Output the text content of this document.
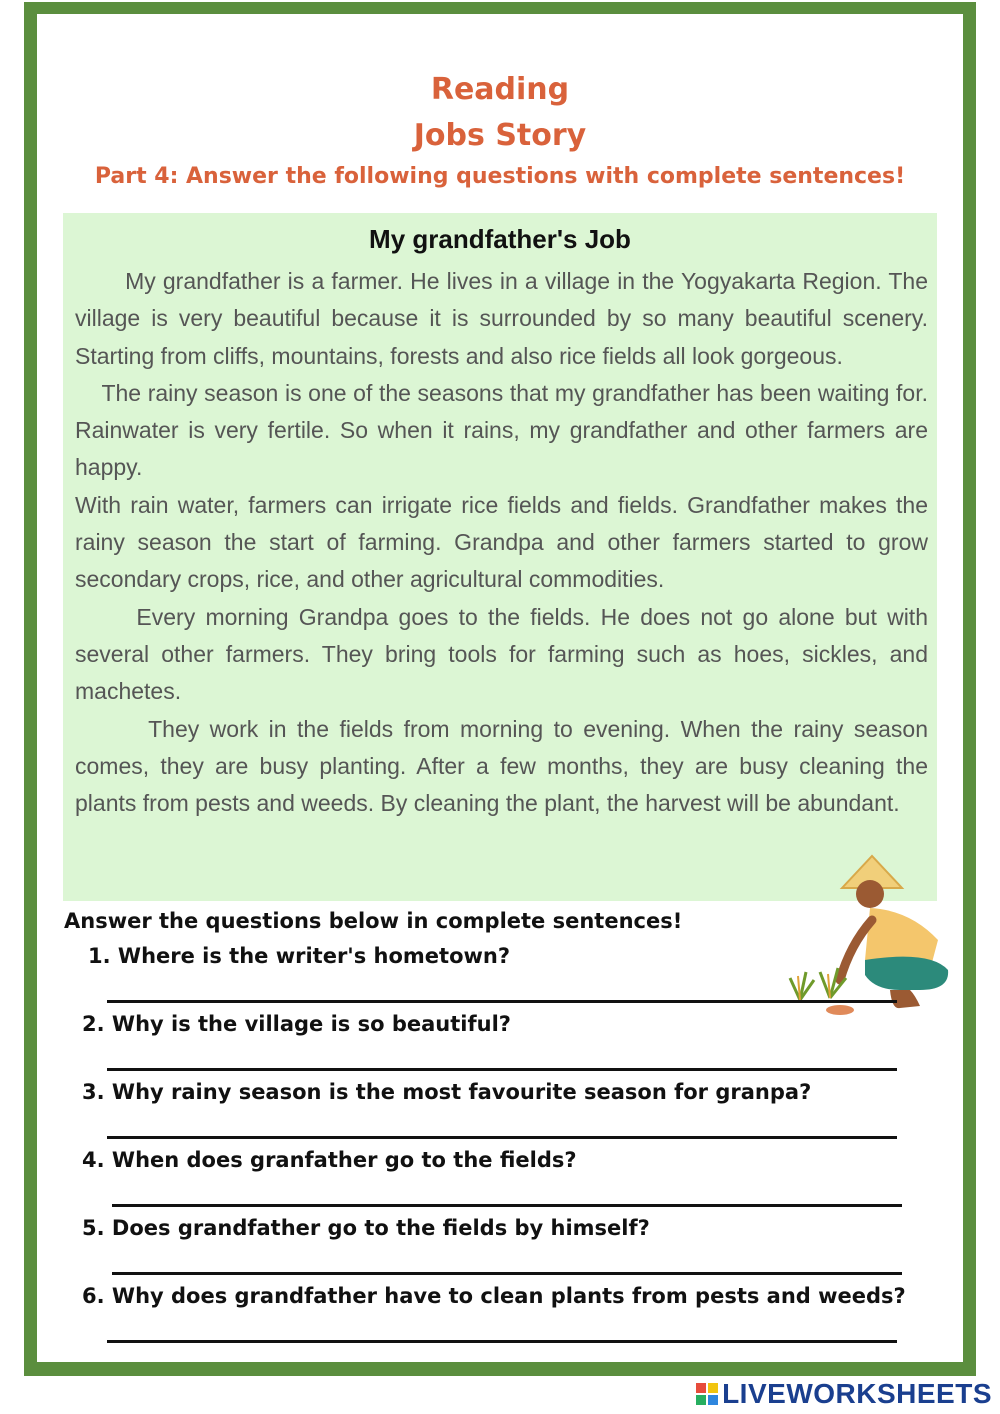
Reading
Jobs Story
Part 4: Answer the following questions with complete sentences!
My grandfather's Job

My grandfather is a farmer. He lives in a village in the Yogyakarta Region. The village is very beautiful because it is surrounded by so many beautiful scenery. Starting from cliffs, mountains, forests and also rice fields all look gorgeous.

The rainy season is one of the seasons that my grandfather has been waiting for. Rainwater is very fertile. So when it rains, my grandfather and other farmers are happy.

With rain water, farmers can irrigate rice fields and fields. Grandfather makes the rainy season the start of farming. Grandpa and other farmers started to grow secondary crops, rice, and other agricultural commodities.

Every morning Grandpa goes to the fields. He does not go alone but with several other farmers. They bring tools for farming such as hoes, sickles, and machetes.

They work in the fields from morning to evening. When the rainy season comes, they are busy planting. After a few months, they are busy cleaning the plants from pests and weeds. By cleaning the plant, the harvest will be abundant.

Answer the questions below in complete sentences!
1. Where is the writer's hometown?
2. Why is the village is so beautiful?
3. Why rainy season is the most favourite season for granpa?
4. When does granfather go to the fields?
5. Does grandfather go to the fields by himself?
6. Why does grandfather have to clean plants from pests and weeds?
LIVEWORKSHEETS
